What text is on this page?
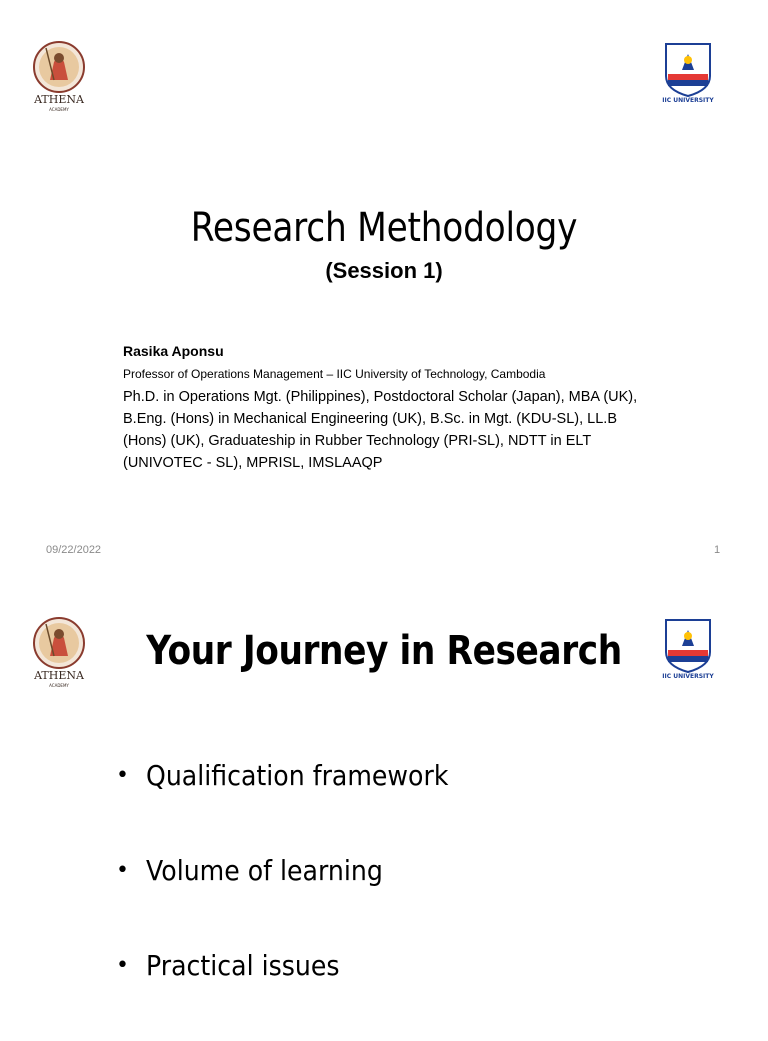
ATHENA
ACADEMY
IIC UNIVERSITY
Research Methodology
(Session 1)
Rasika Aponsu
Professor of Operations Management – IIC University of Technology, Cambodia
Ph.D. in Operations Mgt. (Philippines), Postdoctoral Scholar (Japan), MBA (UK), B.Eng. (Hons) in Mechanical Engineering (UK), B.Sc. in Mgt. (KDU-SL), LL.B (Hons) (UK), Graduateship in Rubber Technology (PRI-SL), NDTT in ELT (UNIVOTEC - SL), MPRISL, IMSLAAQP
09/22/2022	1
ATHENA
ACADEMY
IIC UNIVERSITY
Your Journey in Research
• Qualification framework
• Volume of learning
• Practical issues
